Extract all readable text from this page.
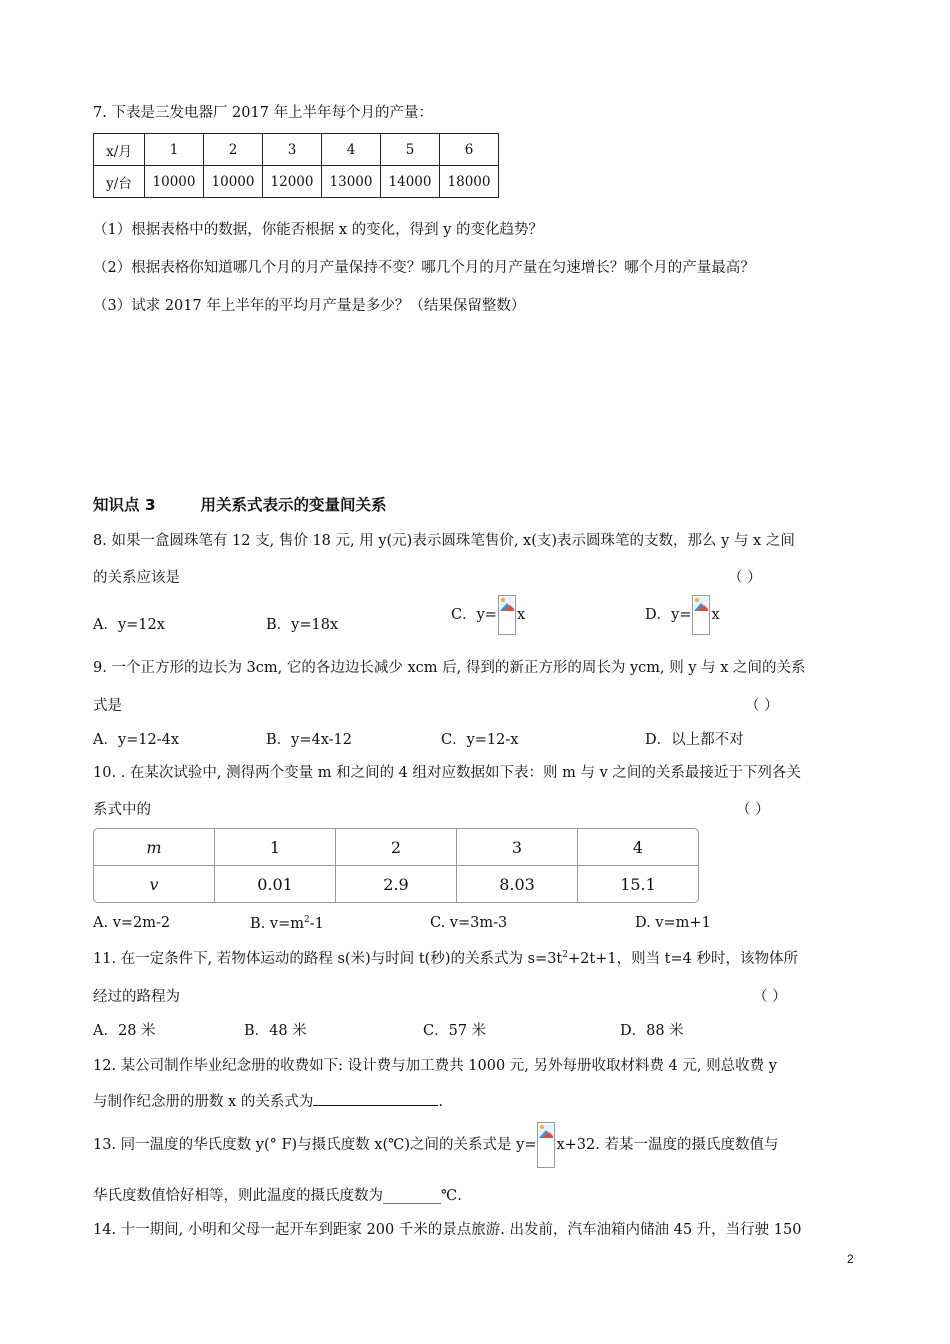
7. 下表是三发电器厂 2017 年上半年每个月的产量：
x/月	1	2	3	4	5	6
y/台	10000	10000	12000	13000	14000	18000
（1）根据表格中的数据，你能否根据 x 的变化，得到 y 的变化趋势？
（2）根据表格你知道哪几个月的月产量保持不变？哪几个月的月产量在匀速增长？哪个月的产量最高？
（3）试求 2017 年上半年的平均月产量是多少？（结果保留整数）
知识点 3	用关系式表示的变量间关系
8. 如果一盒圆珠笔有 12 支, 售价 18 元, 用 y(元)表示圆珠笔售价, x(支)表示圆珠笔的支数，那么 y 与 x 之间
的关系应该是	（ ）
A．y=12x	B．y=18x
C．y= x	D．y= x
9. 一个正方形的边长为 3cm, 它的各边边长减少 xcm 后, 得到的新正方形的周长为 ycm, 则 y 与 x 之间的关系
式是	（ ）
A．y=12-4x	B．y=4x-12	C．y=12-x	D．以上都不对
10. . 在某次试验中, 测得两个变量 m 和之间的 4 组对应数据如下表：则 m 与 v 之间的关系最接近于下列各关
系式中的	（ ）
m	1	2	3	4
v	0.01	2.9	8.03	15.1
A. v=2m-2	B. $v=m^2-1$	C. v=3m-3	D. v=m+1
11. 在一定条件下, 若物体运动的路程 s(米)与时间 t(秒)的关系式为 $s=3t^2+2t+1$，则当 t=4 秒时，该物体所
经过的路程为	（ ）
A．28 米	B．48 米	C．57 米	D．88 米
12. 某公司制作毕业纪念册的收费如下: 设计费与加工费共 1000 元, 另外每册收取材料费 4 元, 则总收费 y
与制作纪念册的册数 x 的关系式为	.
13. 同一温度的华氏度数 y(° F)与摄氏度数 x(℃)之间的关系式是 y= x+32. 若某一温度的摄氏度数值与
华氏度数值恰好相等，则此温度的摄氏度数为________℃.
14. 十一期间, 小明和父母一起开车到距家 200 千米的景点旅游. 出发前，汽车油箱内储油 45 升，当行驶 150
2
